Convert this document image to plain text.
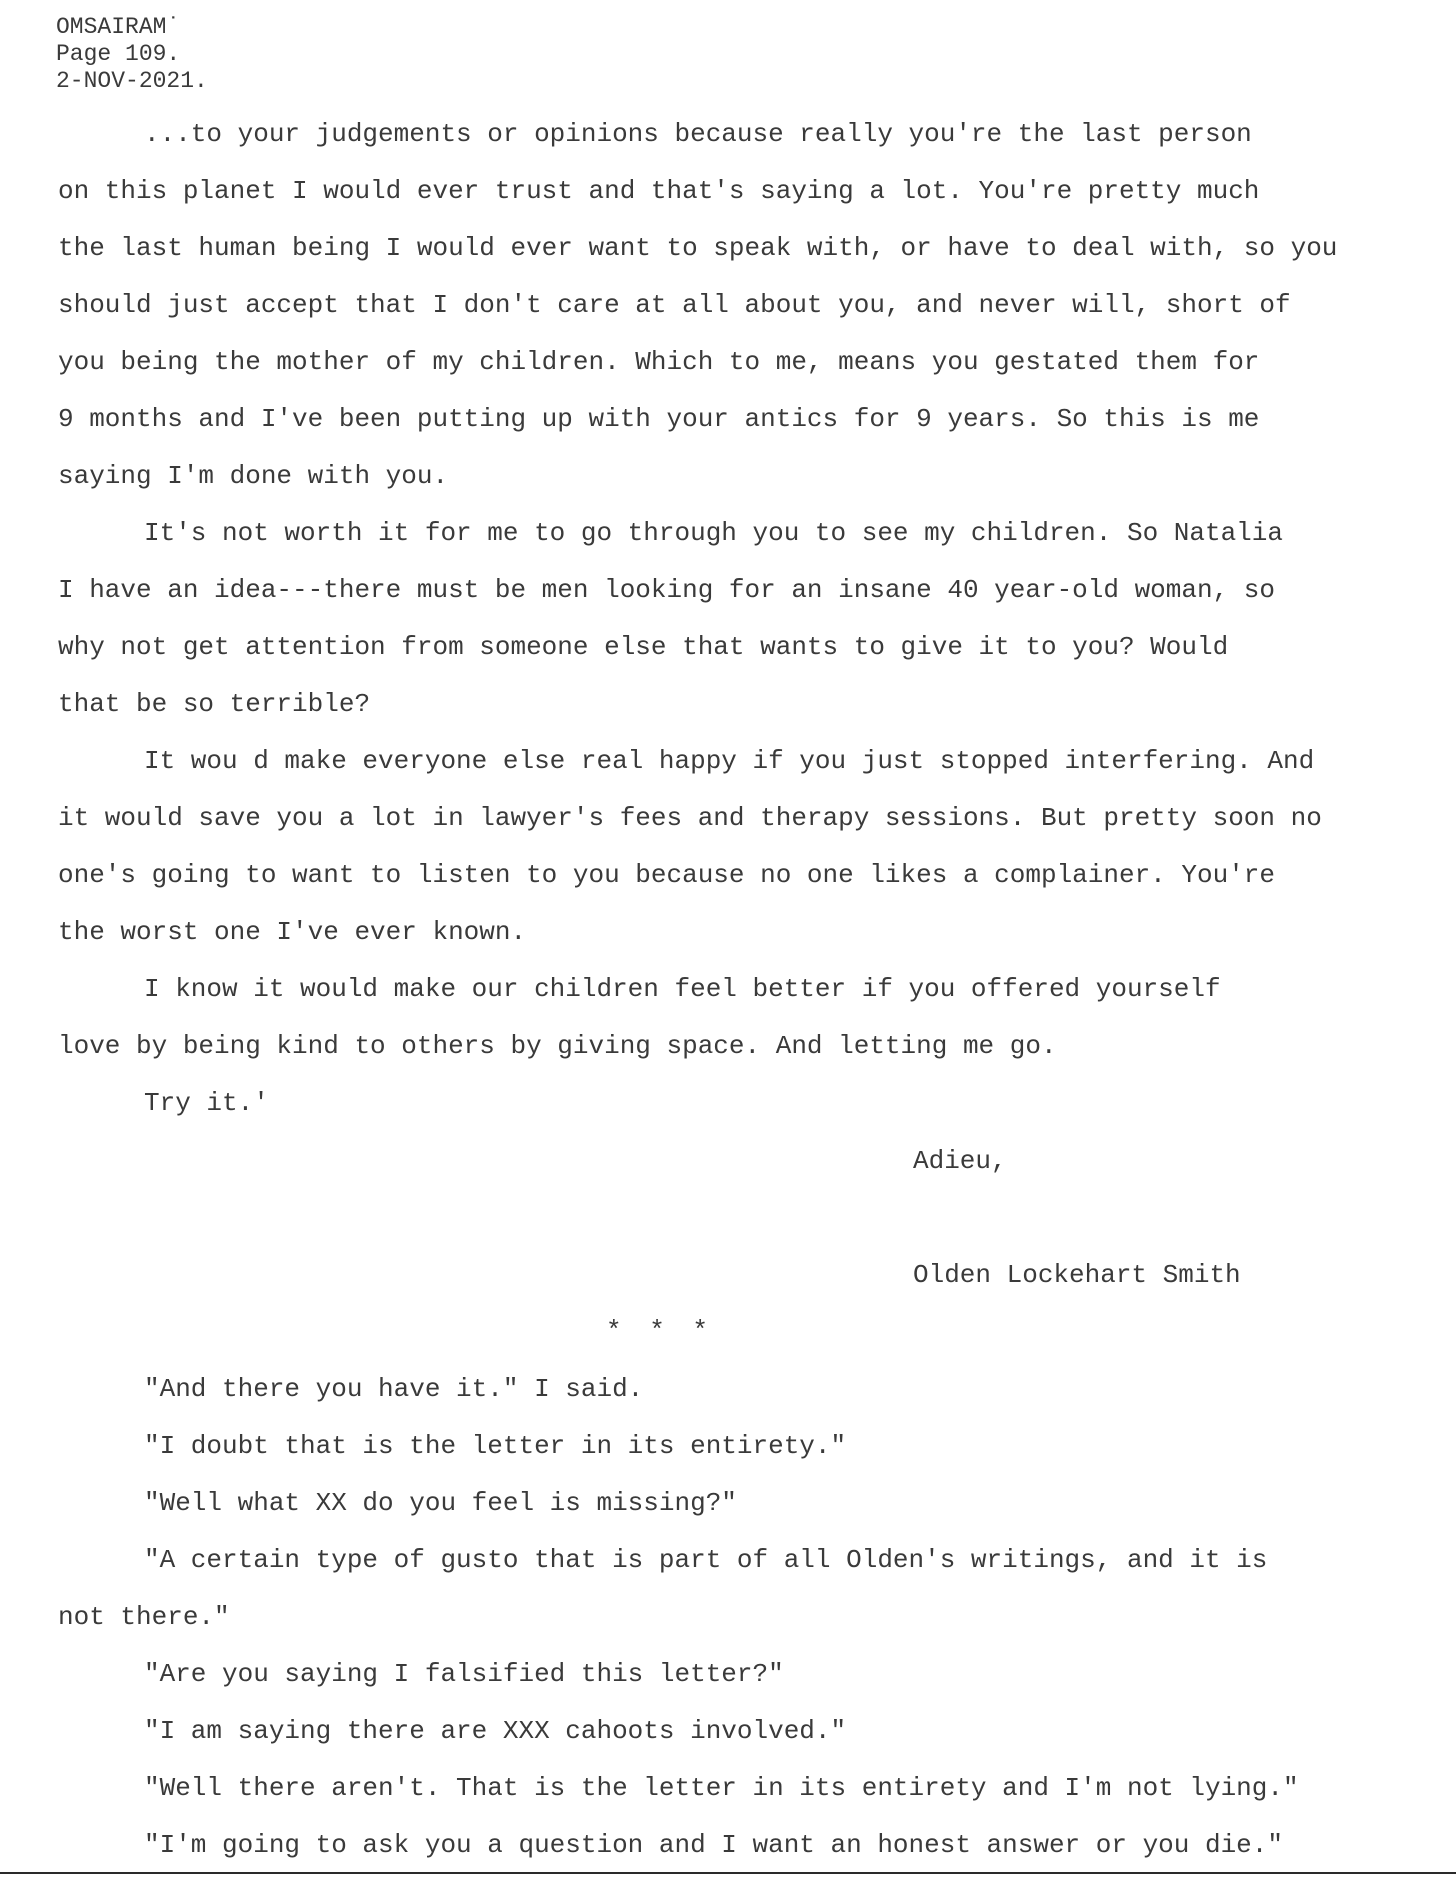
OMSAIRAM˙
Page 109.
2-NOV-2021.
...to your judgements or opinions because really you're the last person
on this planet I would ever trust and that's saying a lot. You're pretty much
the last human being I would ever want to speak with, or have to deal with, so you
should just accept that I don't care at all about you, and never will, short of
you being the mother of my children. Which to me, means you gestated them for
9 months and I've been putting up with your antics for 9 years. So this is me
saying I'm done with you.
It's not worth it for me to go through you to see my children. So Natalia
I have an idea---there must be men looking for an insane 40 year-old woman, so
why not get attention from someone else that wants to give it to you? Would
that be so terrible?
It wou d make everyone else real happy if you just stopped interfering. And
it would save you a lot in lawyer's fees and therapy sessions. But pretty soon no
one's going to want to listen to you because no one likes a complainer. You're
the worst one I've ever known.
I know it would make our children feel better if you offered yourself
love by being kind to others by giving space. And letting me go.
Try it.'
Adieu,
Olden Lockehart Smith
* * *
"And there you have it." I said.
"I doubt that is the letter in its entirety."
"Well what XX do you feel is missing?"
"A certain type of gusto that is part of all Olden's writings, and it is
not there."
"Are you saying I falsified this letter?"
"I am saying there are XXX cahoots involved."
"Well there aren't. That is the letter in its entirety and I'm not lying."
"I'm going to ask you a question and I want an honest answer or you die."
